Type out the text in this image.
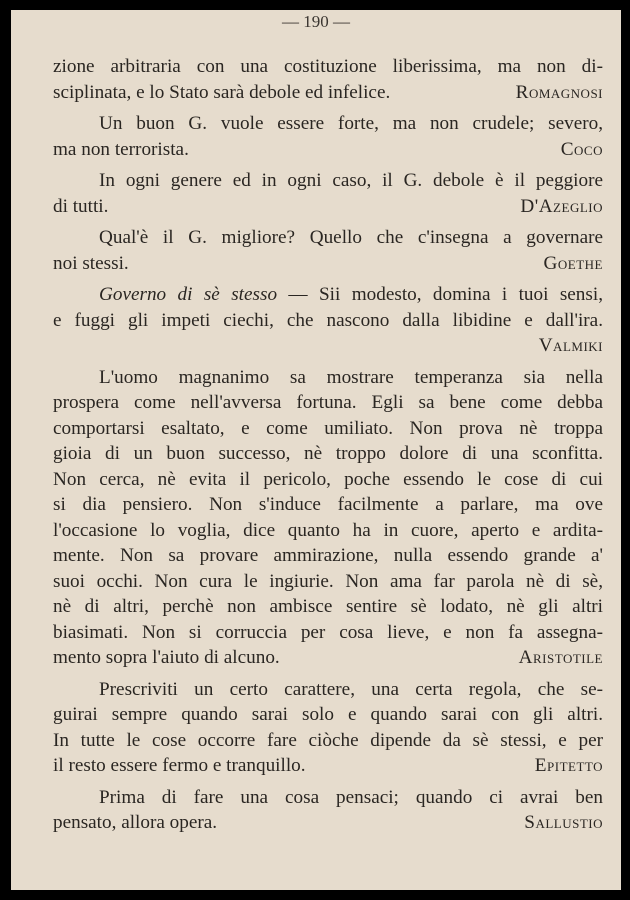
— 190 —
zione arbitraria con una costituzione liberissima, ma non di-
sciplinata, e lo Stato sarà debole ed infelice.	Romagnosi
Un buon G. vuole essere forte, ma non crudele; severo,
ma non terrorista.	Coco
In ogni genere ed in ogni caso, il G. debole è il peggiore
di tutti.	D'Azeglio
Qual'è il G. migliore? Quello che c'insegna a governare
noi stessi.	Goethe
Governo di sè stesso — Sii modesto, domina i tuoi sensi,
e fuggi gli impeti ciechi, che nascono dalla libidine e dall'ira.
Valmiki
L'uomo magnanimo sa mostrare temperanza sia nella
prospera come nell'avversa fortuna. Egli sa bene come debba
comportarsi esaltato, e come umiliato. Non prova nè troppa
gioia di un buon successo, nè troppo dolore di una sconfitta.
Non cerca, nè evita il pericolo, poche essendo le cose di cui
si dia pensiero. Non s'induce facilmente a parlare, ma ove
l'occasione lo voglia, dice quanto ha in cuore, aperto e ardita-
mente. Non sa provare ammirazione, nulla essendo grande a'
suoi occhi. Non cura le ingiurie. Non ama far parola nè di sè,
nè di altri, perchè non ambisce sentire sè lodato, nè gli altri
biasimati. Non si corruccia per cosa lieve, e non fa assegna-
mento sopra l'aiuto di alcuno.	Aristotile
Prescriviti un certo carattere, una certa regola, che se-
guirai sempre quando sarai solo e quando sarai con gli altri.
In tutte le cose occorre fare ciòche dipende da sè stessi, e per
il resto essere fermo e tranquillo.	Epitetto
Prima di fare una cosa pensaci; quando ci avrai ben
pensato, allora opera.	Sallustio
